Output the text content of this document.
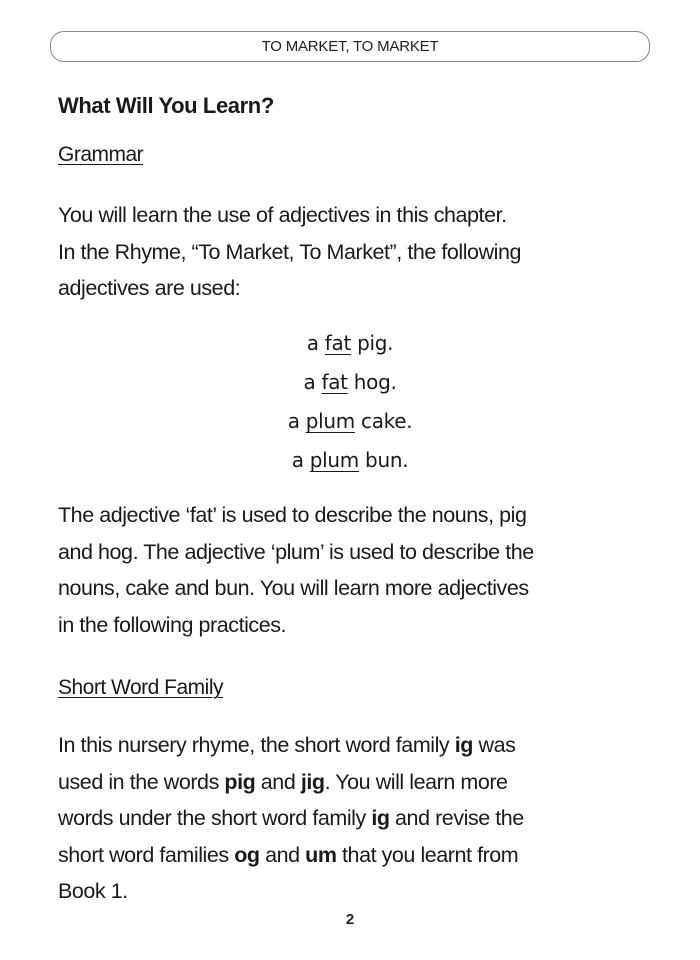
TO MARKET, TO MARKET
What Will You Learn?
Grammar

You will learn the use of adjectives in this chapter.
In the Rhyme, “To Market, To Market”, the following
adjectives are used:

a fat pig.
a fat hog.
a plum cake.
a plum bun.

The adjective ‘fat’ is used to describe the nouns, pig
and hog. The adjective ‘plum’ is used to describe the
nouns, cake and bun. You will learn more adjectives
in the following practices.

Short Word Family

In this nursery rhyme, the short word family ig was
used in the words pig and jig. You will learn more
words under the short word family ig and revise the
short word families og and um that you learnt from
Book 1.

2
